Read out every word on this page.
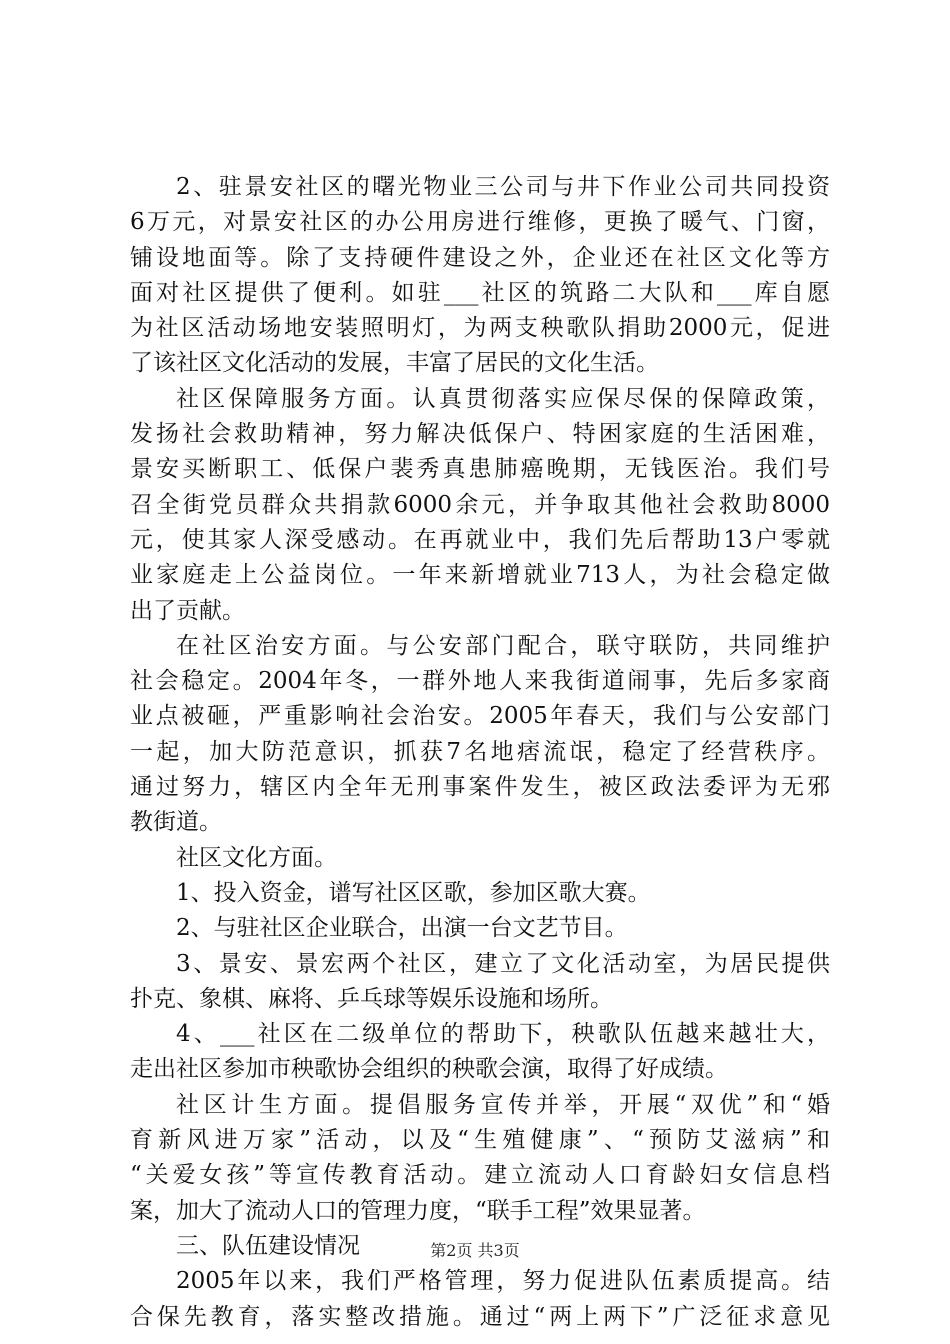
2、驻景安社区的曙光物业三公司与井下作业公司共同投资
6万元，对景安社区的办公用房进行维修，更换了暖气、门窗，
铺设地面等。除了支持硬件建设之外，企业还在社区文化等方
面对社区提供了便利。如驻___社区的筑路二大队和___库自愿
为社区活动场地安装照明灯，为两支秧歌队捐助2000元，促进
了该社区文化活动的发展，丰富了居民的文化生活。
社区保障服务方面。认真贯彻落实应保尽保的保障政策，
发扬社会救助精神，努力解决低保户、特困家庭的生活困难，
景安买断职工、低保户裴秀真患肺癌晚期，无钱医治。我们号
召全街党员群众共捐款6000余元，并争取其他社会救助8000
元，使其家人深受感动。在再就业中，我们先后帮助13户零就
业家庭走上公益岗位。一年来新增就业713人，为社会稳定做
出了贡献。
在社区治安方面。与公安部门配合，联守联防，共同维护
社会稳定。2004年冬，一群外地人来我街道闹事，先后多家商
业点被砸，严重影响社会治安。2005年春天，我们与公安部门
一起，加大防范意识，抓获7名地痞流氓，稳定了经营秩序。
通过努力，辖区内全年无刑事案件发生，被区政法委评为无邪
教街道。
社区文化方面。
1、投入资金，谱写社区区歌，参加区歌大赛。
2、与驻社区企业联合，出演一台文艺节目。
3、景安、景宏两个社区，建立了文化活动室，为居民提供
扑克、象棋、麻将、乒乓球等娱乐设施和场所。
4、___社区在二级单位的帮助下，秧歌队伍越来越壮大，
走出社区参加市秧歌协会组织的秧歌会演，取得了好成绩。
社区计生方面。提倡服务宣传并举，开展“双优”和“婚
育新风进万家”活动，以及“生殖健康”、“预防艾滋病”和
“关爱女孩”等宣传教育活动。建立流动人口育龄妇女信息档
案，加大了流动人口的管理力度，“联手工程”效果显著。
三、队伍建设情况
2005年以来，我们严格管理，努力促进队伍素质提高。结
合保先教育，落实整改措施。通过“两上两下”广泛征求意见
第2页 共3页
